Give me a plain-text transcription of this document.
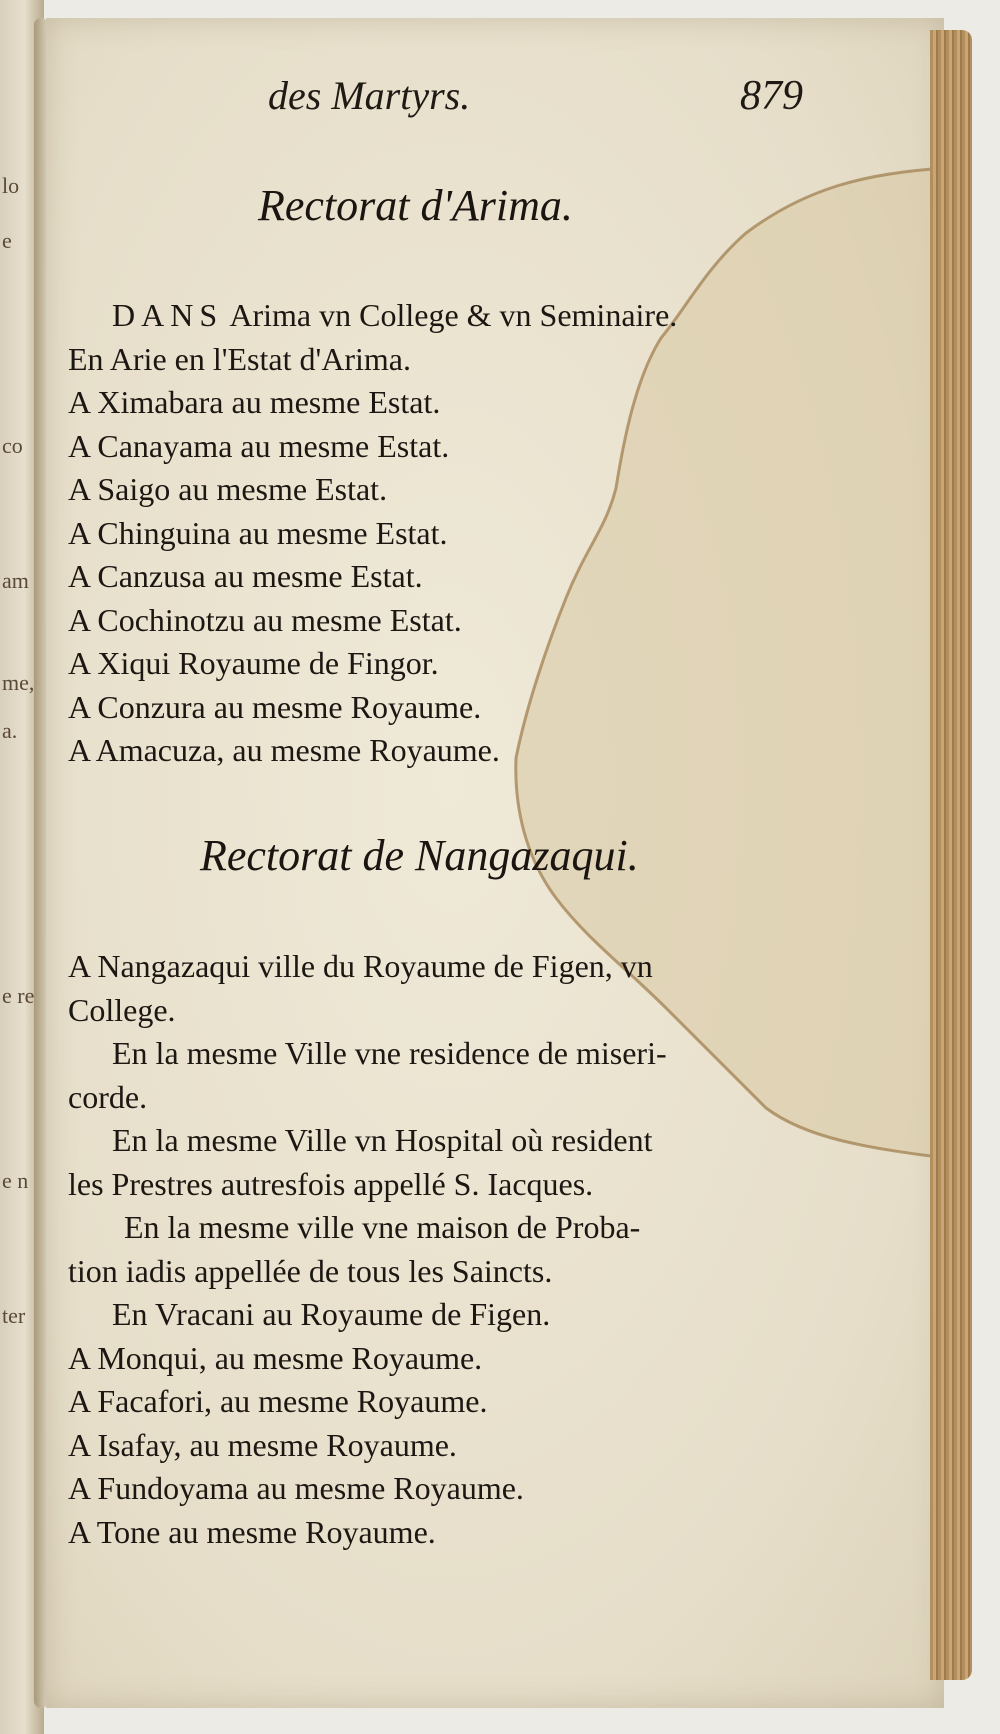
lo
e
co
am
me,
a.
e re
e n
ter
des Martyrs.	879
Rectorat d'Arima.
DANS Arima vn College & vn Seminaire.
En Arie en l'Estat d'Arima.
A Ximabara au mesme Estat.
A Canayama au mesme Estat.
A Saigo au mesme Estat.
A Chinguina au mesme Estat.
A Canzusa au mesme Estat.
A Cochinotzu au mesme Estat.
A Xiqui Royaume de Fingor.
A Conzura au mesme Royaume.
A Amacuza, au mesme Royaume.
Rectorat de Nangazaqui.
A Nangazaqui ville du Royaume de Figen, vn
College.
En la mesme Ville vne residence de miseri-
corde.
En la mesme Ville vn Hospital où resident
les Prestres autresfois appellé S. Iacques.
En la mesme ville vne maison de Proba-
tion iadis appellée de tous les Saincts.
En Vracani au Royaume de Figen.
A Monqui, au mesme Royaume.
A Facafori, au mesme Royaume.
A Isafay, au mesme Royaume.
A Fundoyama au mesme Royaume.
A Tone au mesme Royaume.
